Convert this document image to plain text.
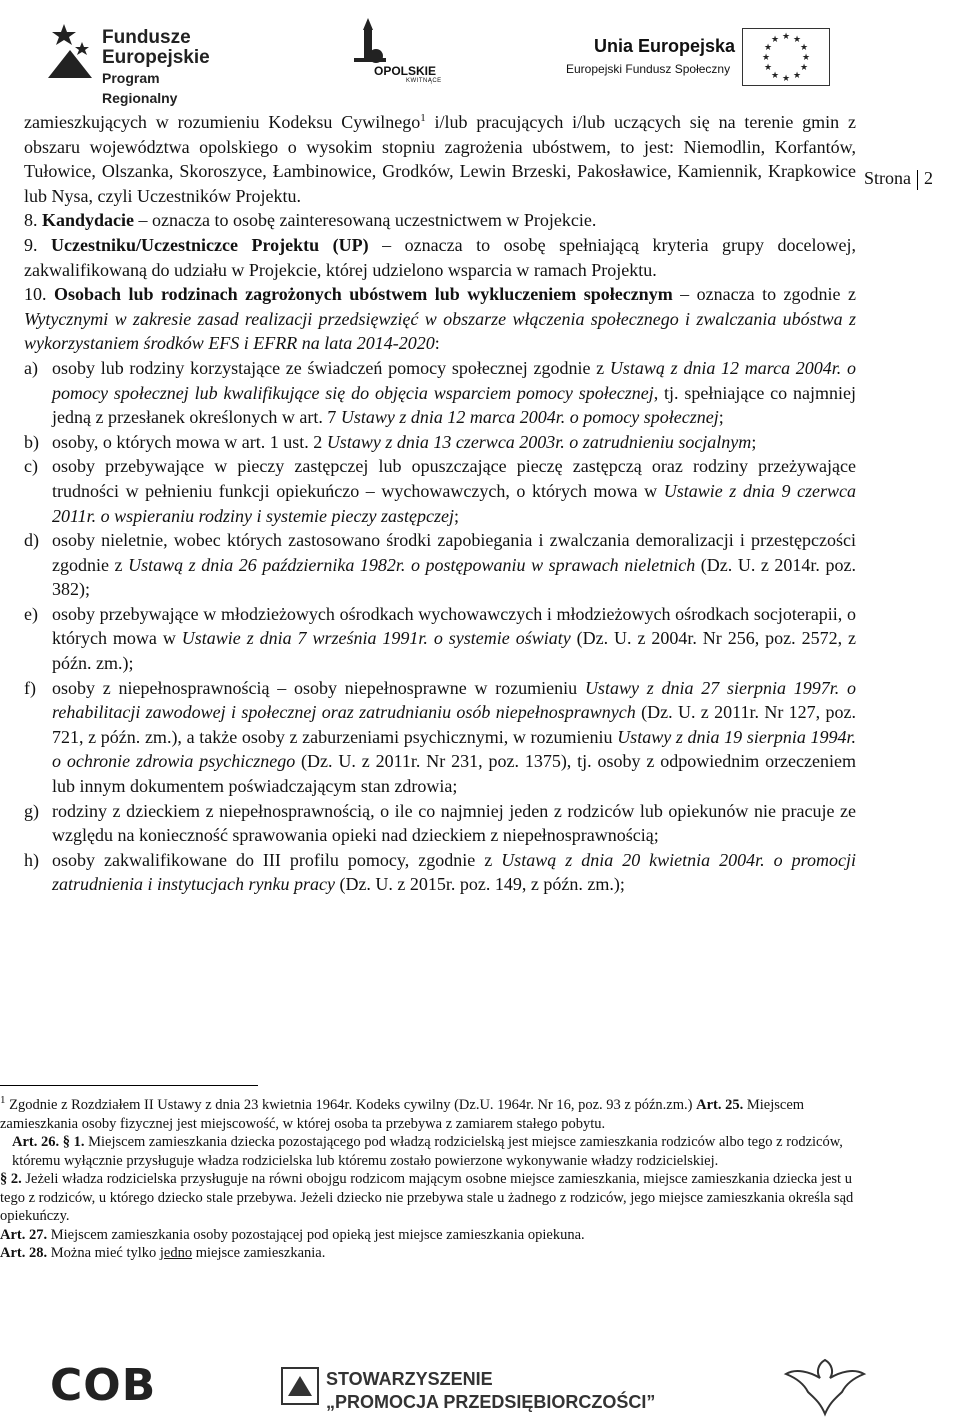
Fundusze
Europejskie
Program Regionalny
OPOLSKIE
KWITNĄCE
Unia Europejska
Europejski Fundusz Społeczny
★ ★
★
★
★
★
★
★
★
★
★
★
Strona 2

zamieszkujących w rozumieniu Kodeksu Cywilnego$^1$ i/lub pracujących i/lub uczących się na terenie gmin z obszaru województwa opolskiego o wysokim stopniu zagrożenia ubóstwem, to jest: Niemodlin, Korfantów, Tułowice, Olszanka, Skoroszyce, Łambinowice, Grodków, Lewin Brzeski, Pakosławice, Kamiennik, Krapkowice lub Nysa, czyli Uczestników Projektu.

8. Kandydacie – oznacza to osobę zainteresowaną uczestnictwem w Projekcie.

9. Uczestniku/Uczestniczce Projektu (UP) – oznacza to osobę spełniającą kryteria grupy docelowej, zakwalifikowaną do udziału w Projekcie, której udzielono wsparcia w ramach Projektu.

10. Osobach lub rodzinach zagrożonych ubóstwem lub wykluczeniem społecznym – oznacza to zgodnie z Wytycznymi w zakresie zasad realizacji przedsięwzięć w obszarze włączenia społecznego i zwalczania ubóstwa z wykorzystaniem środków EFS i EFRR na lata 2014-2020:

a) osoby lub rodziny korzystające ze świadczeń pomocy społecznej zgodnie z Ustawą z dnia 12 marca 2004r. o pomocy społecznej lub kwalifikujące się do objęcia wsparciem pomocy społecznej, tj. spełniające co najmniej jedną z przesłanek określonych w art. 7 Ustawy z dnia 12 marca 2004r. o pomocy społecznej;
b) osoby, o których mowa w art. 1 ust. 2 Ustawy z dnia 13 czerwca 2003r. o zatrudnieniu socjalnym;
c) osoby przebywające w pieczy zastępczej lub opuszczające pieczę zastępczą oraz rodziny przeżywające trudności w pełnieniu funkcji opiekuńczo – wychowawczych, o których mowa w Ustawie z dnia 9 czerwca 2011r. o wspieraniu rodziny i systemie pieczy zastępczej;
d) osoby nieletnie, wobec których zastosowano środki zapobiegania i zwalczania demoralizacji i przestępczości zgodnie z Ustawą z dnia 26 października 1982r. o postępowaniu w sprawach nieletnich (Dz. U. z 2014r. poz. 382);
e) osoby przebywające w młodzieżowych ośrodkach wychowawczych i młodzieżowych ośrodkach socjoterapii, o których mowa w Ustawie z dnia 7 września 1991r. o systemie oświaty (Dz. U. z 2004r. Nr 256, poz. 2572, z późn. zm.);
f) osoby z niepełnosprawnością – osoby niepełnosprawne w rozumieniu Ustawy z dnia 27 sierpnia 1997r. o rehabilitacji zawodowej i społecznej oraz zatrudnianiu osób niepełnosprawnych (Dz. U. z 2011r. Nr 127, poz. 721, z późn. zm.), a także osoby z zaburzeniami psychicznymi, w rozumieniu Ustawy z dnia 19 sierpnia 1994r. o ochronie zdrowia psychicznego (Dz. U. z 2011r. Nr 231, poz. 1375), tj. osoby z odpowiednim orzeczeniem lub innym dokumentem poświadczającym stan zdrowia;
g) rodziny z dzieckiem z niepełnosprawnością, o ile co najmniej jeden z rodziców lub opiekunów nie pracuje ze względu na konieczność sprawowania opieki nad dzieckiem z niepełnosprawnością;
h) osoby zakwalifikowane do III profilu pomocy, zgodnie z Ustawą z dnia 20 kwietnia 2004r. o promocji zatrudnienia i instytucjach rynku pracy (Dz. U. z 2015r. poz. 149, z późn. zm.);

$^1$ Zgodnie z Rozdziałem II Ustawy z dnia 23 kwietnia 1964r. Kodeks cywilny (Dz.U. 1964r. Nr 16, poz. 93 z późn.zm.) Art. 25. Miejscem zamieszkania osoby fizycznej jest miejscowość, w której osoba ta przebywa z zamiarem stałego pobytu.

Art. 26. § 1. Miejscem zamieszkania dziecka pozostającego pod władzą rodzicielską jest miejsce zamieszkania rodziców albo tego z rodziców, któremu wyłącznie przysługuje władza rodzicielska lub któremu zostało powierzone wykonywanie władzy rodzicielskiej.

§ 2. Jeżeli władza rodzicielska przysługuje na równi obojgu rodzicom mającym osobne miejsce zamieszkania, miejsce zamieszkania dziecka jest u tego z rodziców, u którego dziecko stale przebywa. Jeżeli dziecko nie przebywa stale u żadnego z rodziców, jego miejsce zamieszkania określa sąd opiekuńczy.

Art. 27. Miejscem zamieszkania osoby pozostającej pod opieką jest miejsce zamieszkania opiekuna.

Art. 28. Można mieć tylko jedno miejsce zamieszkania.

COB	STOWARZYSZENIE
„PROMOCJA PRZEDSIĘBIORCZOŚCI”
